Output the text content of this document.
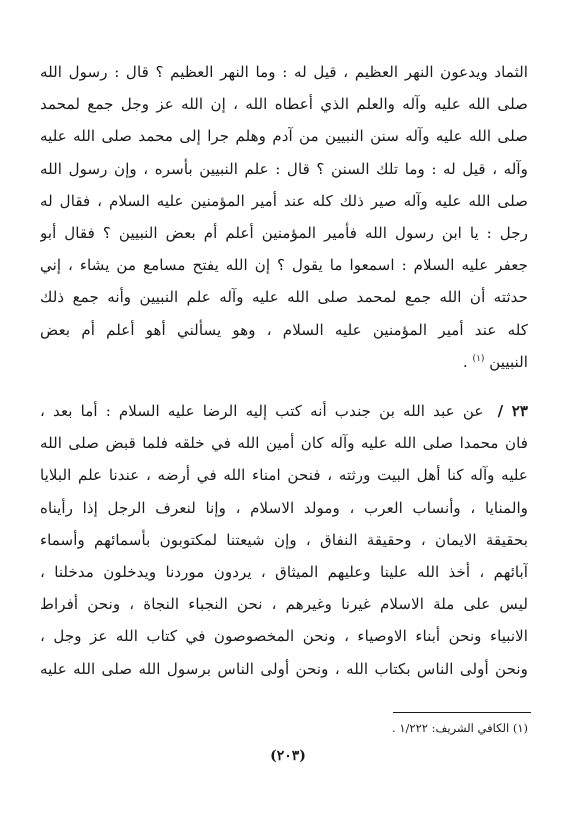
الثماد ويدعون النهر العظيم ، قيل له : وما النهر العظيم ؟ قال : رسول الله
صلى الله عليه وآله والعلم الذي أعطاه الله ، إن الله عز وجل جمع لمحمد
صلى الله عليه وآله سنن النبيين من آدم وهلم جرا إلى محمد صلى الله عليه
وآله ، قيل له : وما تلك السنن ؟ قال : علم النبيين بأسره ، وإن رسول الله
صلى الله عليه وآله صير ذلك كله عند أمير المؤمنين عليه السلام ، فقال له
رجل : يا ابن رسول الله فأمير المؤمنين أعلم أم بعض النبيين ؟ فقال أبو
جعفر عليه السلام : اسمعوا ما يقول ؟ إن الله يفتح مسامع من يشاء ، إني
حدثته أن الله جمع لمحمد صلى الله عليه وآله علم النبيين وأنه جمع ذلك
كله عند أمير المؤمنين عليه السلام ، وهو يسألني أهو أعلم أم بعض
النبيين $^{(١)}$ .
٢٣ / عن عبد الله بن جندب أنه كتب إليه الرضا عليه السلام : أما بعد ،
فان محمدا صلى الله عليه وآله كان أمين الله في خلقه فلما قبض صلى الله
عليه وآله كنا أهل البيت ورثته ، فنحن امناء الله في أرضه ، عندنا علم البلايا
والمنايا ، وأنساب العرب ، ومولد الاسلام ، وإنا لنعرف الرجل إذا رأيناه
بحقيقة الايمان ، وحقيقة النفاق ، وإن شيعتنا لمكتوبون بأسمائهم وأسماء
آبائهم ، أخذ الله علينا وعليهم الميثاق ، يردون موردنا ويدخلون مدخلنا ،
ليس على ملة الاسلام غيرنا وغيرهم ، نحن النجباء النجاة ، ونحن أفراط
الانبياء ونحن أبناء الاوصياء ، ونحن المخصوصون في كتاب الله عز وجل ،
ونحن أولى الناس بكتاب الله ، ونحن أولى الناس برسول الله صلى الله عليه
(١) الكافي الشريف: ١/٢٢٢ .
(٢٠٣)
